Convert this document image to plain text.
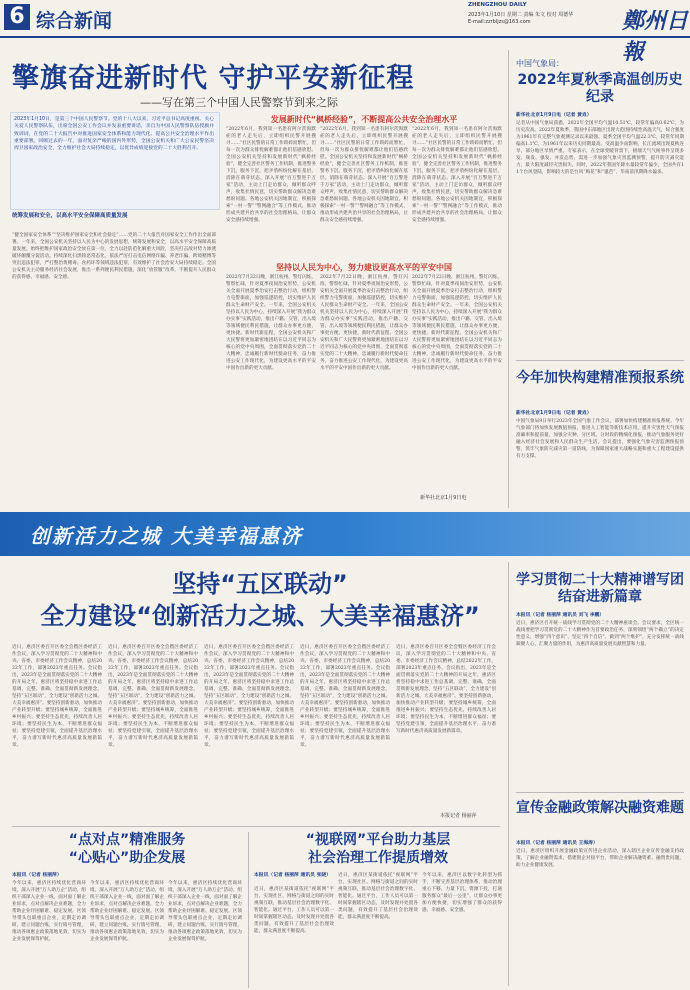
6 综合新闻
ZHENGZHOU DAILY
2023年1月10日 星期二 责编 朱文 校对 周德华
E-mail:zzrbljzs@163.com	鄭州日報
擎旗奋进新时代 守护平安新征程
——写在第三个中国人民警察节到来之际
2023年1月10日，是第三个中国人民警察节。党的十八大以来，习近平总书记高度重视、关心关爱人民警察队伍，出席全国公安工作会议并发表重要讲话，亲自为中国人民警察队伍授旗并致训词，在党的二十大报告中对推进国家安全体系和能力现代化、提高公共安全治理水平作出重要部署。回顾过去的一年，面对复杂严峻的国内外形势，全国公安机关和广大公安民警坚决捍卫国家政治安全，全力维护社会大局持续稳定，以优异成绩迎接党的二十大胜利召开。
统筹发展和安全，以高水平安全保障高质量发展
“健全国家安全体系”“坚决维护国家安全和社会稳定”……党的二十大报告对国家安全工作作出全面部署。一年来，全国公安机关坚持以人民为中心的发展思想，统筹发展和安全，以高水平安全保障高质量发展。始终把维护国家政治安全放在第一位，全力以赴防范化解重大风险，坚决打击敌对势力渗透破坏颠覆分裂活动。持续深化扫黑除恶常态化，依法严厉打击电信网络诈骗、养老诈骗、跨境赌博等突出违法犯罪，严打整治黄赌毒、食药环等领域违法犯罪，有效维护了社会治安大局持续稳定。全国公安机关主动服务经济社会发展，推出一系列便民利民措施，深化“放管服”改革，不断提升人民群众的获得感、幸福感、安全感。
发展新时代“枫桥经验”，不断提高公共安全治理水平
“2022年6月，我到知一名患有阿尔茨海默症的老人走失后，立即组织民警开展搜寻……”社区民警的日常工作琐碎而繁忙，但每一次为群众排忧解难都让他们倍感欣慰。全国公安机关坚持和发展新时代“枫桥经验”，健全完善社区警务工作机制，推进警务下沉、服务下沉，把矛盾纠纷化解在基层、消除在萌芽状态。深入开展“百万警进千万家”活动，主动上门走访群众，倾听群众呼声，收集社情民意，切实帮助群众解决急难愁盼问题。各地公安机关因地制宜，积极探索“一村一警”“警网融合”等工作模式，推动形成共建共治共享的社会治理格局，让群众安全感持续增强。
“2022年6月，我到知一名患有阿尔茨海默症的老人走失后，立即组织民警开展搜寻……”社区民警的日常工作琐碎而繁忙，但每一次为群众排忧解难都让他们倍感欣慰。全国公安机关坚持和发展新时代“枫桥经验”，健全完善社区警务工作机制，推进警务下沉、服务下沉，把矛盾纠纷化解在基层、消除在萌芽状态。深入开展“百万警进千万家”活动，主动上门走访群众，倾听群众呼声，收集社情民意，切实帮助群众解决急难愁盼问题。各地公安机关因地制宜，积极探索“一村一警”“警网融合”等工作模式，推动形成共建共治共享的社会治理格局，让群众安全感持续增强。
“2022年6月，我到知一名患有阿尔茨海默症的老人走失后，立即组织民警开展搜寻……”社区民警的日常工作琐碎而繁忙，但每一次为群众排忧解难都让他们倍感欣慰。全国公安机关坚持和发展新时代“枫桥经验”，健全完善社区警务工作机制，推进警务下沉、服务下沉，把矛盾纠纷化解在基层、消除在萌芽状态。深入开展“百万警进千万家”活动，主动上门走访群众，倾听群众呼声，收集社情民意，切实帮助群众解决急难愁盼问题。各地公安机关因地制宜，积极探索“一村一警”“警网融合”等工作模式，推动形成共建共治共享的社会治理格局，让群众安全感持续增强。
坚持以人民为中心，努力建设更高水平的平安中国
2022年7月22日晚，浙江杭州，警灯闪烁，警察忙碌，针对夏季夜间治安形势，公安机关全面开展夏季治安打击整治行动，组织警力屯警街面，加强巡逻防控，切实维护人民群众生命财产安全。一年来，全国公安机关坚持以人民为中心，持续深入开展“我为群众办实事”实践活动，推出户籍、交管、出入境等领域便民利民措施，让群众办事更方便、更快捷。新时代新征程，全国公安机关和广大民警将更加紧密地团结在以习近平同志为核心的党中央周围，全面贯彻落实党的二十大精神，忠诚履行新时代使命任务，奋力推进公安工作现代化，为建设更高水平的平安中国作出新的更大贡献。
2022年7月22日晚，浙江杭州，警灯闪烁，警察忙碌，针对夏季夜间治安形势，公安机关全面开展夏季治安打击整治行动，组织警力屯警街面，加强巡逻防控，切实维护人民群众生命财产安全。一年来，全国公安机关坚持以人民为中心，持续深入开展“我为群众办实事”实践活动，推出户籍、交管、出入境等领域便民利民措施，让群众办事更方便、更快捷。新时代新征程，全国公安机关和广大民警将更加紧密地团结在以习近平同志为核心的党中央周围，全面贯彻落实党的二十大精神，忠诚履行新时代使命任务，奋力推进公安工作现代化，为建设更高水平的平安中国作出新的更大贡献。
2022年7月22日晚，浙江杭州，警灯闪烁，警察忙碌，针对夏季夜间治安形势，公安机关全面开展夏季治安打击整治行动，组织警力屯警街面，加强巡逻防控，切实维护人民群众生命财产安全。一年来，全国公安机关坚持以人民为中心，持续深入开展“我为群众办实事”实践活动，推出户籍、交管、出入境等领域便民利民措施，让群众办事更方便、更快捷。新时代新征程，全国公安机关和广大民警将更加紧密地团结在以习近平同志为核心的党中央周围，全面贯彻落实党的二十大精神，忠诚履行新时代使命任务，奋力推进公安工作现代化，为建设更高水平的平安中国作出新的更大贡献。
新华社北京1月9日电
中国气象局：
2022年夏秋季高温创历史纪录
新华社北京1月9日电（记者 黄垚）
记者从中国气象局获悉，2022年全国平均气温10.51℃，较常年偏高0.62℃，为历史次高。2022年夏秋季，我国中东部地区出现大范围持续性高温天气，综合强度为1961年有完整气象观测记录以来最强。夏季全国平均气温22.3℃，较常年同期偏高1.1℃，为1961年以来历史同期最高。受高温少雨影响，长江流域出现夏秋连旱，部分地区旱情严重。专家表示，在全球变暖背景下，极端天气气候事件呈现多发、频发、强发、并发态势，需进一步加强气象灾害监测预警，提升防灾减灾能力，最大限度减轻灾害损失。同时，2022年我国年降水量较常年偏少，全国共有11个台风登陆，影响较大的是台风“梅花”和“暹芭”，华南前汛期降水偏多。
今年加快构建精准预报系统
新华社北京1月9日电（记者 黄垚）
中国气象局9日举行2023年全国气象工作会议，部署加快构建精准预报系统。今年气象部门将加快发展数值预报，推进人工智能等新技术应用，提升灾害性天气预报准确率和提前量，加强分灾种、分区域、分时段的精细化预报，推动气象服务更好融入经济社会发展和人民群众生产生活。会议提出，要强化气象灾害监测预报预警，筑牢气象防灾减灾第一道防线，为保障国家重大战略实施和重大工程建设提供有力支撑。
创新活力之城 大美幸福惠济
坚持“五区联动”
全力建设“创新活力之城、大美幸福惠济”
近日，惠济区委召开区委全会暨区委经济工作会议，深入学习贯彻党的二十大精神和中央、省委、市委经济工作会议精神，总结2022年工作，部署2023年重点任务。会议指出，2023年是全面贯彻落实党的二十大精神的开局之年，惠济区将坚持稳中求进工作总基调，完整、准确、全面贯彻新发展理念，坚持“五区联动”，全力建设“创新活力之城、大美幸福惠济”。要坚持创新驱动，加快推动产业转型升级；要坚持城乡统筹，全面推进乡村振兴；要坚持生态优先，持续改善人居环境；要坚持民生为本，不断增进群众福祉；要坚持党建引领，全面提升基层治理水平，奋力谱写新时代惠济高质量发展新篇章。
近日，惠济区委召开区委全会暨区委经济工作会议，深入学习贯彻党的二十大精神和中央、省委、市委经济工作会议精神，总结2022年工作，部署2023年重点任务。会议指出，2023年是全面贯彻落实党的二十大精神的开局之年，惠济区将坚持稳中求进工作总基调，完整、准确、全面贯彻新发展理念，坚持“五区联动”，全力建设“创新活力之城、大美幸福惠济”。要坚持创新驱动，加快推动产业转型升级；要坚持城乡统筹，全面推进乡村振兴；要坚持生态优先，持续改善人居环境；要坚持民生为本，不断增进群众福祉；要坚持党建引领，全面提升基层治理水平，奋力谱写新时代惠济高质量发展新篇章。
近日，惠济区委召开区委全会暨区委经济工作会议，深入学习贯彻党的二十大精神和中央、省委、市委经济工作会议精神，总结2022年工作，部署2023年重点任务。会议指出，2023年是全面贯彻落实党的二十大精神的开局之年，惠济区将坚持稳中求进工作总基调，完整、准确、全面贯彻新发展理念，坚持“五区联动”，全力建设“创新活力之城、大美幸福惠济”。要坚持创新驱动，加快推动产业转型升级；要坚持城乡统筹，全面推进乡村振兴；要坚持生态优先，持续改善人居环境；要坚持民生为本，不断增进群众福祉；要坚持党建引领，全面提升基层治理水平，奋力谱写新时代惠济高质量发展新篇章。
近日，惠济区委召开区委全会暨区委经济工作会议，深入学习贯彻党的二十大精神和中央、省委、市委经济工作会议精神，总结2022年工作，部署2023年重点任务。会议指出，2023年是全面贯彻落实党的二十大精神的开局之年，惠济区将坚持稳中求进工作总基调，完整、准确、全面贯彻新发展理念，坚持“五区联动”，全力建设“创新活力之城、大美幸福惠济”。要坚持创新驱动，加快推动产业转型升级；要坚持城乡统筹，全面推进乡村振兴；要坚持生态优先，持续改善人居环境；要坚持民生为本，不断增进群众福祉；要坚持党建引领，全面提升基层治理水平，奋力谱写新时代惠济高质量发展新篇章。
近日，惠济区委召开区委全会暨区委经济工作会议，深入学习贯彻党的二十大精神和中央、省委、市委经济工作会议精神，总结2022年工作，部署2023年重点任务。会议指出，2023年是全面贯彻落实党的二十大精神的开局之年，惠济区将坚持稳中求进工作总基调，完整、准确、全面贯彻新发展理念，坚持“五区联动”，全力建设“创新活力之城、大美幸福惠济”。要坚持创新驱动，加快推动产业转型升级；要坚持城乡统筹，全面推进乡村振兴；要坚持生态优先，持续改善人居环境；要坚持民生为本，不断增进群众福祉；要坚持党建引领，全面提升基层治理水平，奋力谱写新时代惠济高质量发展新篇章。
本报记者 杨丽萍
“点对点”精准服务
“心贴心”助企发展
本报讯（记者 杨丽萍）
今年以来，惠济区持续优化营商环境，深入开展“万人助万企”活动，组织干部深入企业一线，面对面了解企业诉求，点对点解决企业难题，全力帮助企业纾困解难、稳定发展。区领导带头包联重点企业，定期走访调研，建立问题台账，实行销号管理，推动各项惠企政策落地见效，切实为企业发展保驾护航。
今年以来，惠济区持续优化营商环境，深入开展“万人助万企”活动，组织干部深入企业一线，面对面了解企业诉求，点对点解决企业难题，全力帮助企业纾困解难、稳定发展。区领导带头包联重点企业，定期走访调研，建立问题台账，实行销号管理，推动各项惠企政策落地见效，切实为企业发展保驾护航。
今年以来，惠济区持续优化营商环境，深入开展“万人助万企”活动，组织干部深入企业一线，面对面了解企业诉求，点对点解决企业难题，全力帮助企业纾困解难、稳定发展。区领导带头包联重点企业，定期走访调研，建立问题台账，实行销号管理，推动各项惠企政策落地见效，切实为企业发展保驾护航。
“视联网”平台助力基层
社会治理工作提质增效
本报讯（记者 杨丽萍 通讯员 张晓）
近日，惠济区某街道依托“视联网”平台，实现社区、网格与街道之间的实时视频互联，推动基层社会治理数字化、智能化。通过平台，工作人员可以第一时间掌握辖区动态，及时发现并处置各类问题，有效提升了基层社会治理效能，群众满意度不断提高。
近日，惠济区某街道依托“视联网”平台，实现社区、网格与街道之间的实时视频互联，推动基层社会治理数字化、智能化。通过平台，工作人员可以第一时间掌握辖区动态，及时发现并处置各类问题，有效提升了基层社会治理效能，群众满意度不断提高。
今年以来，惠济区以数字化转型为抓手，不断完善基层治理体系，推动治理重心下移、力量下沉、资源下投，打通服务群众“最后一公里”，让群众办事更加方便快捷，切实增强了群众的获得感、幸福感、安全感。
学习贯彻二十大精神谱写团结奋进新篇章
本报讯（记者 杨丽萍 通讯员 刘飞 李鹏）
近日，惠济区召开统一战线学习贯彻党的二十大精神座谈会。会议要求，全区统一战线要把学习贯彻党的二十大精神作为首要政治任务，深刻领悟“两个确立”的决定性意义，增强“四个意识”、坚定“四个自信”、做到“两个维护”，充分发挥统一战线凝聚人心、汇聚力量的作用，为惠济高质量发展贡献智慧和力量。
宣传金融政策解决融资难题
本报讯（记者 杨丽萍 通讯员 王海涛）
近日，惠济区组织开展金融政策宣传进企业活动，深入辖区企业宣传金融支持政策，了解企业融资需求，搭建银企对接平台，帮助企业解决融资难、融资贵问题，助力企业健康发展。
